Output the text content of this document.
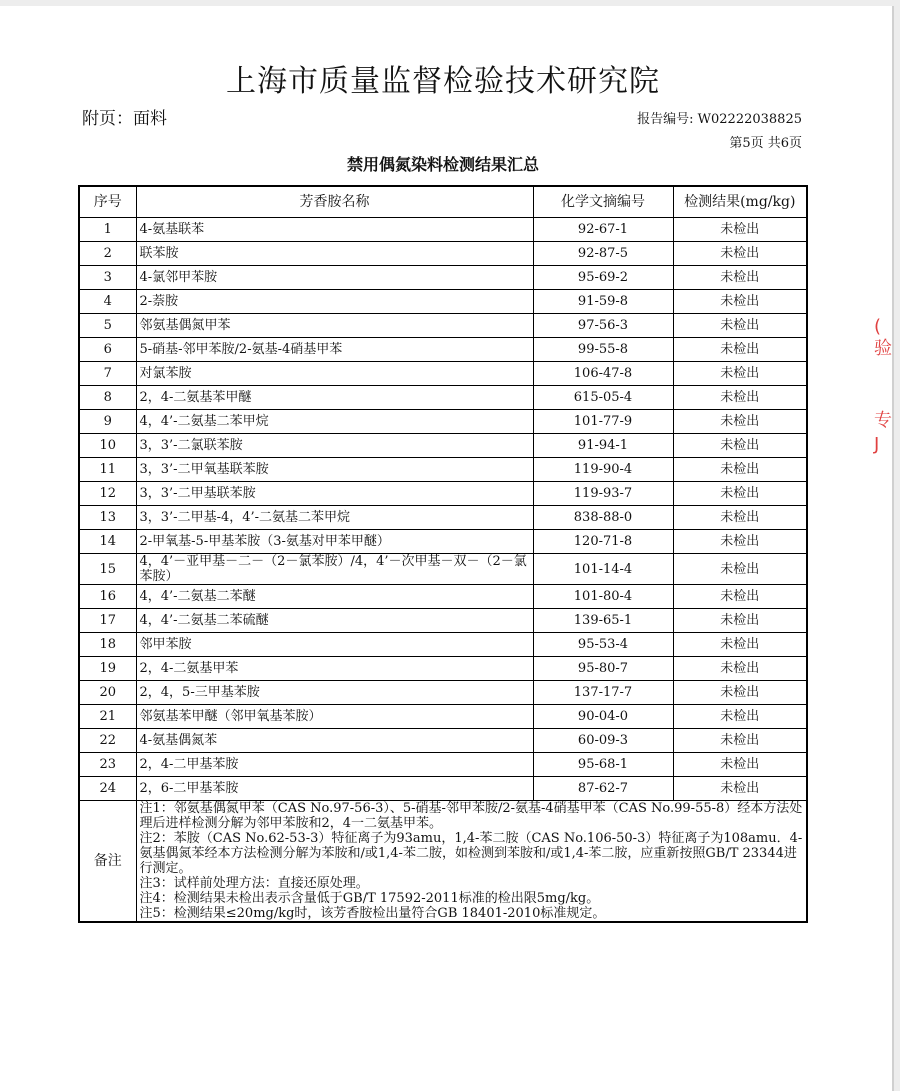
上海市质量监督检验技术研究院
附页：面料	报告编号: W02222038825
第5页 共6页
禁用偶氮染料检测结果汇总
序号	芳香胺名称	化学文摘编号	检测结果(mg/kg)
1	4-氨基联苯	92-67-1	未检出
2	联苯胺	92-87-5	未检出
3	4-氯邻甲苯胺	95-69-2	未检出
4	2-萘胺	91-59-8	未检出
5	邻氨基偶氮甲苯	97-56-3	未检出
6	5-硝基-邻甲苯胺/2-氨基-4硝基甲苯	99-55-8	未检出
7	对氯苯胺	106-47-8	未检出
8	2，4-二氨基苯甲醚	615-05-4	未检出
9	4，4’-二氨基二苯甲烷	101-77-9	未检出
10	3，3’-二氯联苯胺	91-94-1	未检出
11	3，3’-二甲氧基联苯胺	119-90-4	未检出
12	3，3’-二甲基联苯胺	119-93-7	未检出
13	3，3’-二甲基-4，4’-二氨基二苯甲烷	838-88-0	未检出
14	2-甲氧基-5-甲基苯胺（3-氨基对甲苯甲醚）	120-71-8	未检出
15	4，4’－亚甲基－二－（2－氯苯胺）/4，4’－次甲基－双－（2－氯苯胺）	101-14-4	未检出
16	4，4’-二氨基二苯醚	101-80-4	未检出
17	4，4’-二氨基二苯硫醚	139-65-1	未检出
18	邻甲苯胺	95-53-4	未检出
19	2，4-二氨基甲苯	95-80-7	未检出
20	2，4，5-三甲基苯胺	137-17-7	未检出
21	邻氨基苯甲醚（邻甲氧基苯胺）	90-04-0	未检出
22	4-氨基偶氮苯	60-09-3	未检出
23	2，4-二甲基苯胺	95-68-1	未检出
24	2，6-二甲基苯胺	87-62-7	未检出
备注	注1：邻氨基偶氮甲苯（CAS No.97-56-3）、5-硝基-邻甲苯胺/2-氨基-4硝基甲苯（CAS No.99-55-8）经本方法处理后进样检测分解为邻甲苯胺和2，4一二氨基甲苯。
注2：苯胺（CAS No.62-53-3）特征离子为93amu，1,4-苯二胺（CAS No.106-50-3）特征离子为108amu．4-氨基偶氮苯经本方法检测分解为苯胺和/或1,4-苯二胺，如检测到苯胺和/或1,4-苯二胺，应重新按照GB/T 23344进行测定。
注3：试样前处理方法：直接还原处理。
注4：检测结果未检出表示含量低于GB/T 17592-2011标准的检出限5mg/kg。
注5：检测结果≤20mg/kg时，该芳香胺检出量符合GB 18401-2010标准规定。		
(
验
专
J
